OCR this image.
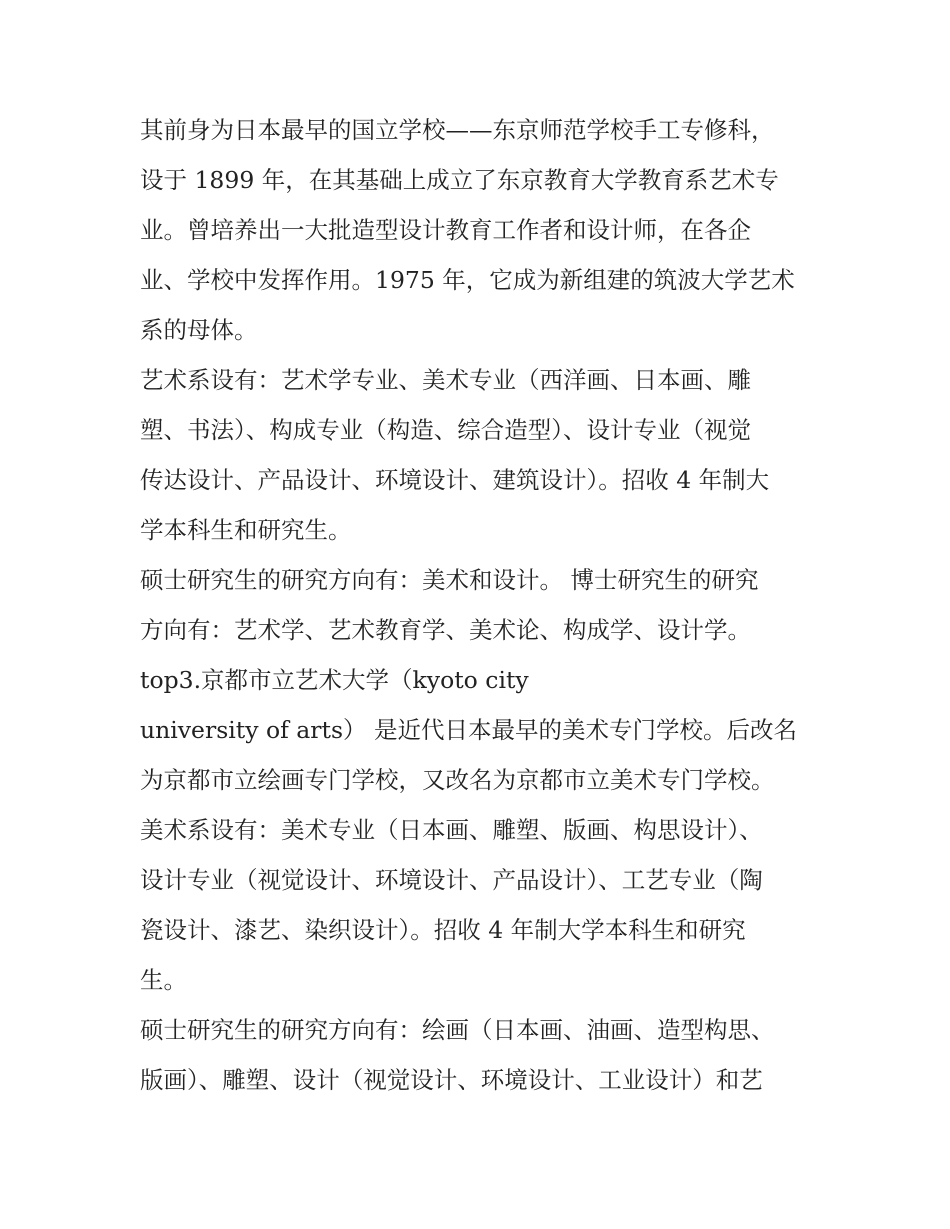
其前身为日本最早的国立学校——东京师范学校手工专修科，
设于 1899 年，在其基础上成立了东京教育大学教育系艺术专
业。曾培养出一大批造型设计教育工作者和设计师，在各企
业、学校中发挥作用。1975 年，它成为新组建的筑波大学艺术
系的母体。
艺术系设有：艺术学专业、美术专业（西洋画、日本画、雕
塑、书法）、构成专业（构造、综合造型）、设计专业（视觉
传达设计、产品设计、环境设计、建筑设计）。招收 4 年制大
学本科生和研究生。
硕士研究生的研究方向有：美术和设计。 博士研究生的研究
方向有：艺术学、艺术教育学、美术论、构成学、设计学。
top3.京都市立艺术大学（kyoto city
university of arts） 是近代日本最早的美术专门学校。后改名
为京都市立绘画专门学校，又改名为京都市立美术专门学校。
美术系设有：美术专业（日本画、雕塑、版画、构思设计）、
设计专业（视觉设计、环境设计、产品设计）、工艺专业（陶
瓷设计、漆艺、染织设计）。招收 4 年制大学本科生和研究
生。
硕士研究生的研究方向有：绘画（日本画、油画、造型构思、
版画）、雕塑、设计（视觉设计、环境设计、工业设计）和艺
